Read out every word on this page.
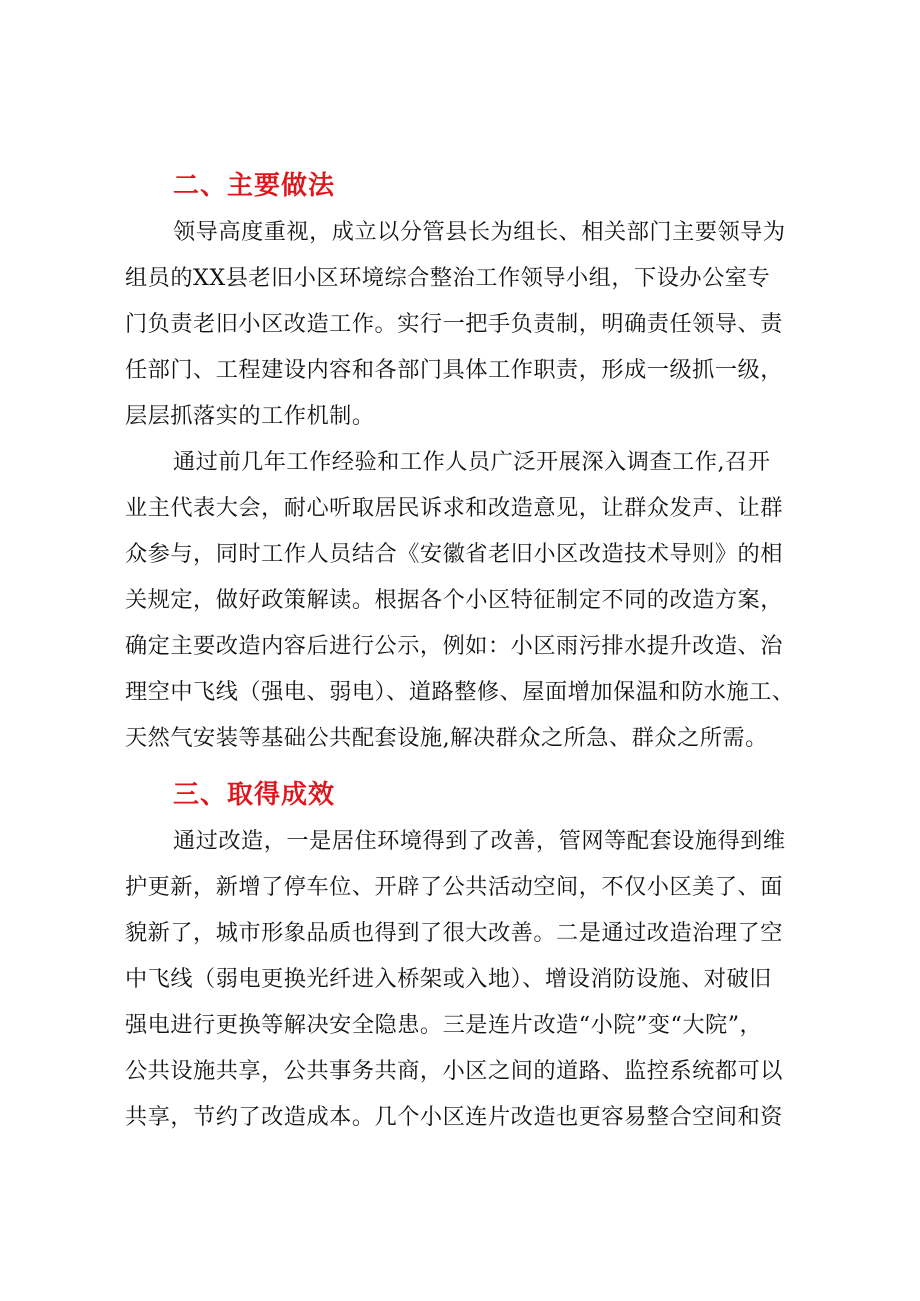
二、主要做法
领导高度重视，成立以分管县长为组长、相关部门主要领导为
组员的XX县老旧小区环境综合整治工作领导小组，下设办公室专
门负责老旧小区改造工作。实行一把手负责制，明确责任领导、责
任部门、工程建设内容和各部门具体工作职责，形成一级抓一级，
层层抓落实的工作机制。
通过前几年工作经验和工作人员广泛开展深入调查工作,召开
业主代表大会，耐心听取居民诉求和改造意见，让群众发声、让群
众参与，同时工作人员结合《安徽省老旧小区改造技术导则》的相
关规定，做好政策解读。根据各个小区特征制定不同的改造方案，
确定主要改造内容后进行公示，例如：小区雨污排水提升改造、治
理空中飞线（强电、弱电）、道路整修、屋面增加保温和防水施工、
天然气安装等基础公共配套设施,解决群众之所急、群众之所需。
三、取得成效
通过改造，一是居住环境得到了改善，管网等配套设施得到维
护更新，新增了停车位、开辟了公共活动空间，不仅小区美了、面
貌新了，城市形象品质也得到了很大改善。二是通过改造治理了空
中飞线（弱电更换光纤进入桥架或入地）、增设消防设施、对破旧
强电进行更换等解决安全隐患。三是连片改造“小院”变“大院”，
公共设施共享，公共事务共商，小区之间的道路、监控系统都可以
共享，节约了改造成本。几个小区连片改造也更容易整合空间和资
